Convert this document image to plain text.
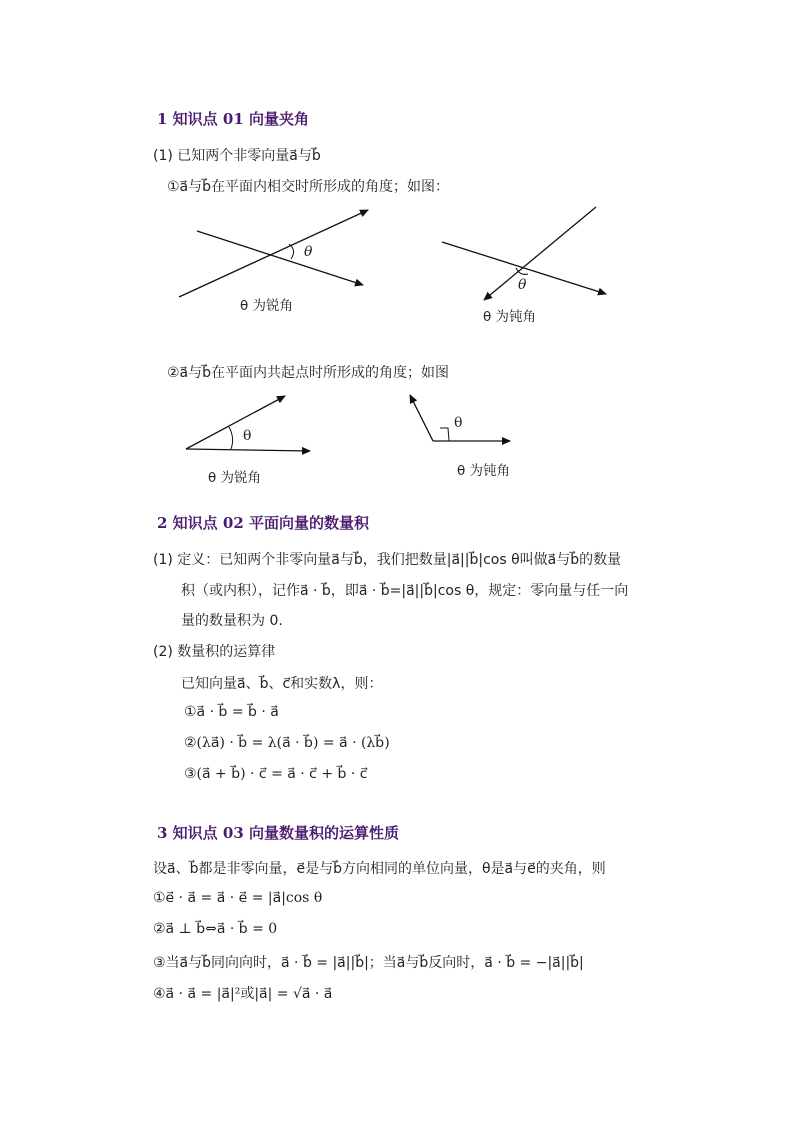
1 知识点 01 向量夹角
(1) 已知两个非零向量a⃗与b⃗
①a⃗与b⃗在平面内相交时所形成的角度；如图：
θ
θ 为锐角
θ
θ 为钝角
②a⃗与b⃗在平面内共起点时所形成的角度；如图
θ
θ 为锐角
θ
θ 为钝角
2 知识点 02 平面向量的数量积
(1) 定义：已知两个非零向量a⃗与b⃗，我们把数量|a⃗||b⃗|cos θ叫做a⃗与b⃗的数量
积（或内积），记作a⃗ · b⃗，即a⃗ · b⃗=|a⃗||b⃗|cos θ，规定：零向量与任一向
量的数量积为 0.
(2) 数量积的运算律
已知向量a⃗、b⃗、c⃗和实数λ，则：
①a⃗ · b⃗ = b⃗ · a⃗
②(λa⃗) · b⃗ = λ(a⃗ · b⃗) = a⃗ · (λb⃗)
③(a⃗ + b⃗) · c⃗ = a⃗ · c⃗ + b⃗ · c⃗
3 知识点 03 向量数量积的运算性质
设a⃗、b⃗都是非零向量，e⃗是与b⃗方向相同的单位向量，θ是a⃗与e⃗的夹角，则
①e⃗ · a⃗ = a⃗ · e⃗ = |a⃗|cos θ
②a⃗ ⊥ b⃗⇔a⃗ · b⃗ = 0
③当a⃗与b⃗同向向时，a⃗ · b⃗ = |a⃗||b⃗|；当a⃗与b⃗反向时，a⃗ · b⃗ = −|a⃗||b⃗|
④a⃗ · a⃗ = |a⃗|²或|a⃗| = √a⃗ · a⃗
